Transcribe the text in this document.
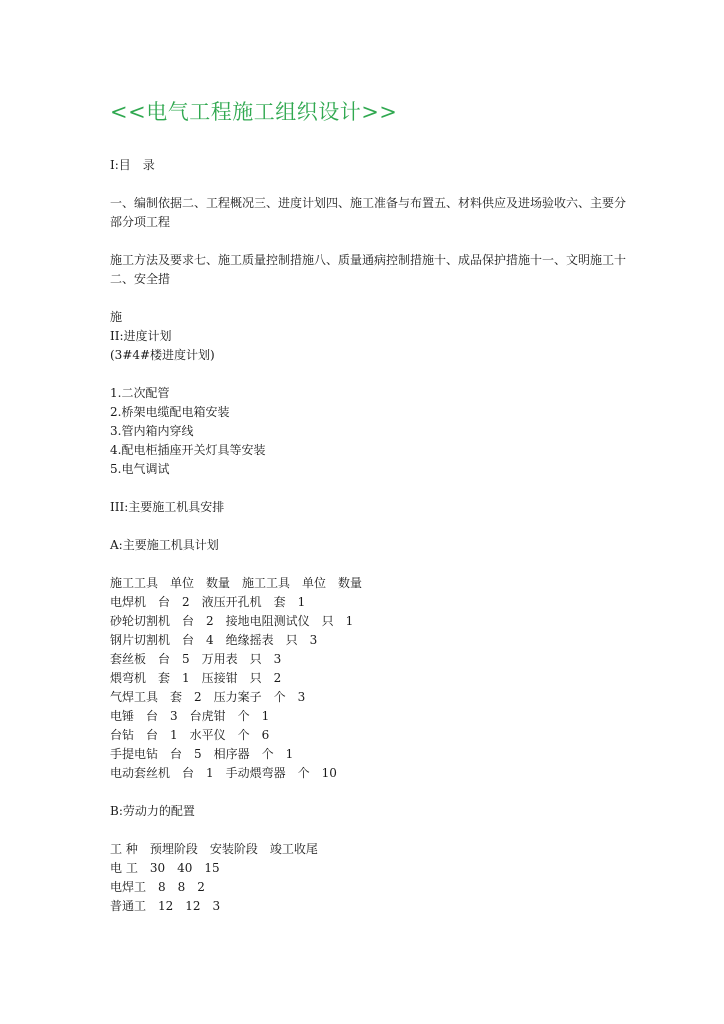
<<电气工程施工组织设计>>
I:目　录
一、编制依据二、工程概况三、进度计划四、施工准备与布置五、材料供应及进场验收六、主要分部分项工程
施工方法及要求七、施工质量控制措施八、质量通病控制措施十、成品保护措施十一、文明施工十二、安全措
施
II:进度计划
(3#4#楼进度计划)
1.二次配管
2.桥架电缆配电箱安装
3.管内箱内穿线
4.配电柜插座开关灯具等安装
5.电气调试
III:主要施工机具安排
A:主要施工机具计划
施工工具　单位　数量　施工工具　单位　数量
电焊机　台　2　液压开孔机　套　1
砂轮切割机　台　2　接地电阻测试仪　只　1
钢片切割机　台　4　绝缘摇表　只　3
套丝板　台　5　万用表　只　3
煨弯机　套　1　压接钳　只　2
气焊工具　套　2　压力案子　个　3
电锤　台　3　台虎钳　个　1
台钻　台　1　水平仪　个　6
手提电钻　台　5　相序器　个　1
电动套丝机　台　1　手动煨弯器　个　10
B:劳动力的配置
工 种　预埋阶段　安装阶段　竣工收尾
电 工　30　40　15
电焊工　8　8　2
普通工　12　12　3
